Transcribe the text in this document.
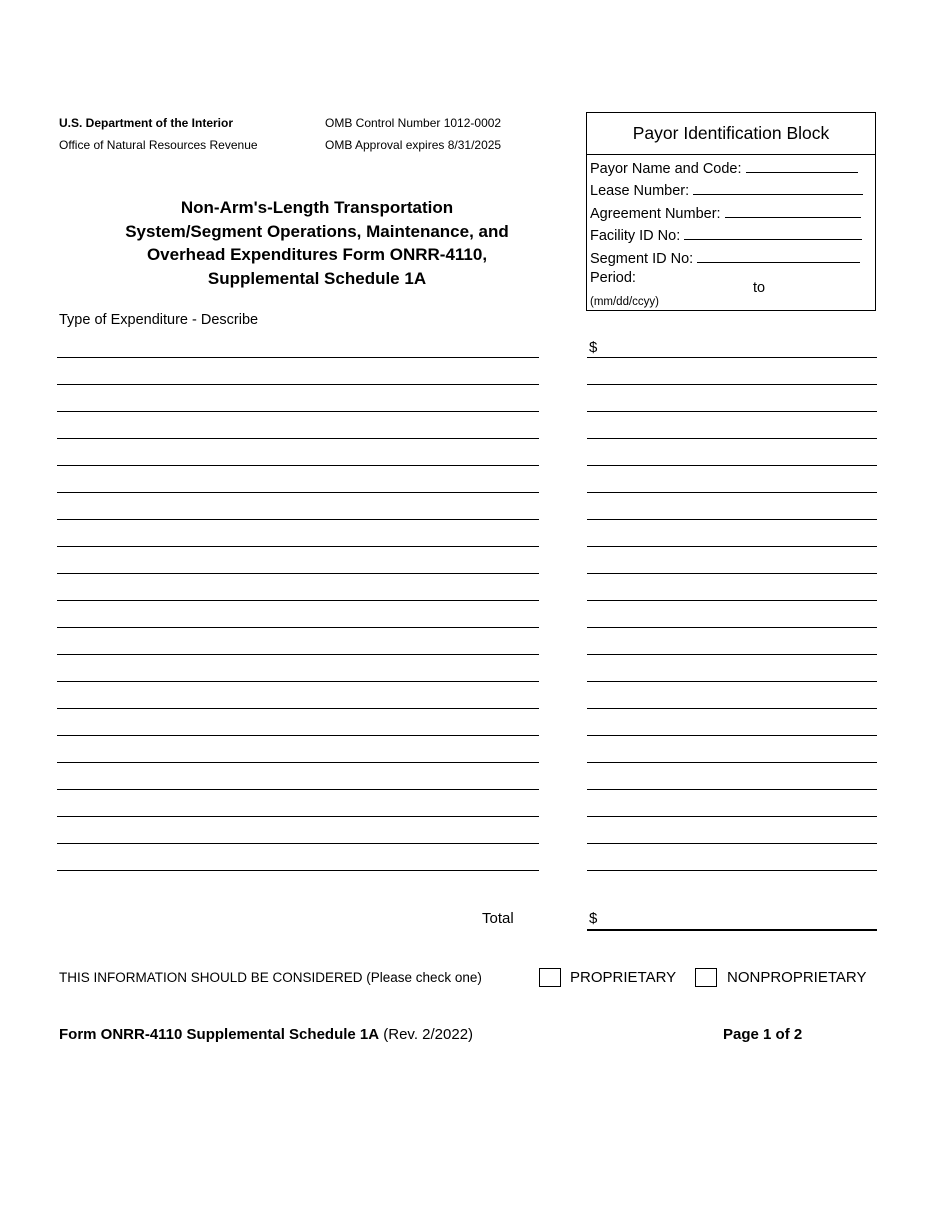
U.S. Department of the Interior
Office of Natural Resources Revenue
OMB Control Number 1012-0002
OMB Approval expires 8/31/2025
Non-Arm's-Length Transportation
System/Segment Operations, Maintenance, and
Overhead Expenditures Form ONRR-4110,
Supplemental Schedule 1A
Payor Identification Block
Payor Name and Code:
Lease Number:
Agreement Number:
Facility ID No:
Segment ID No:
Period:
to
(mm/dd/ccyy)
Type of Expenditure - Describe
$
Total	$
THIS INFORMATION SHOULD BE CONSIDERED (Please check one)	PROPRIETARY	NONPROPRIETARY
Form ONRR-4110 Supplemental Schedule 1A (Rev. 2/2022)	Page 1 of 2
